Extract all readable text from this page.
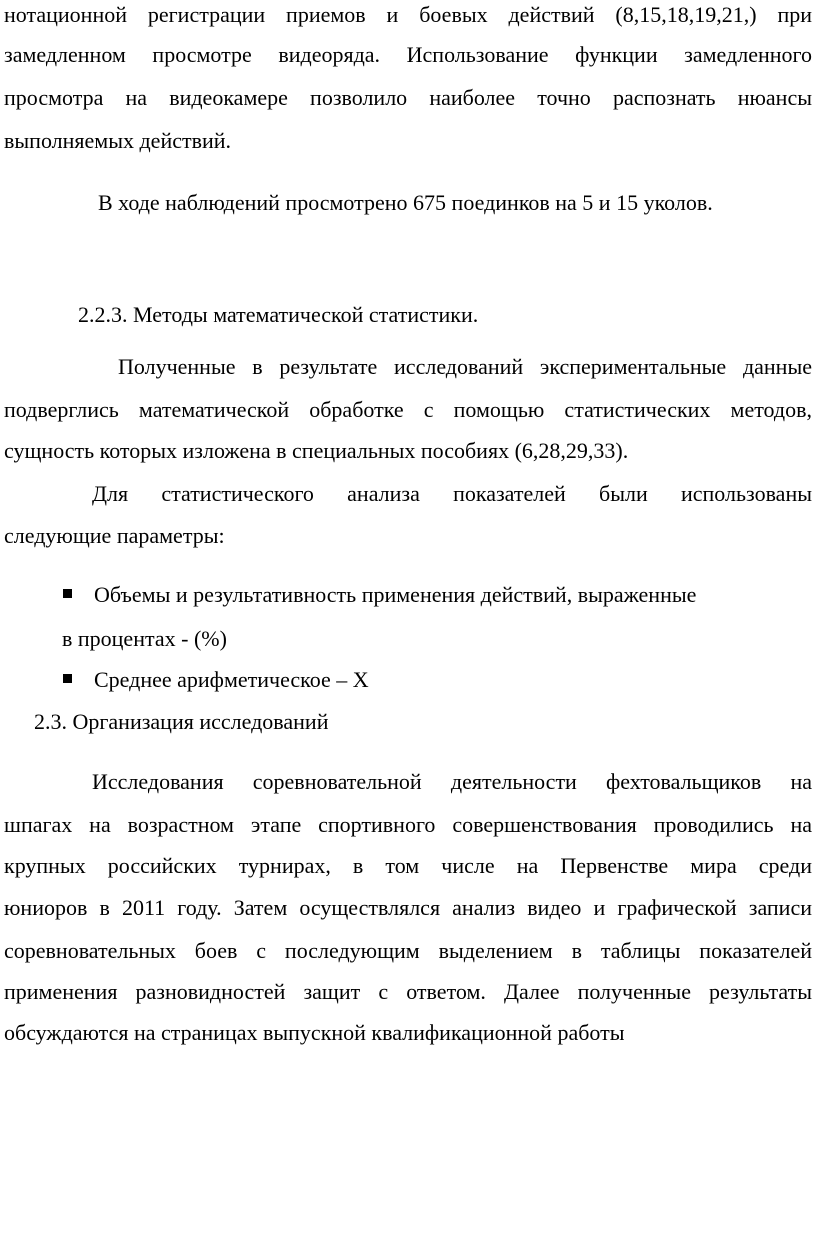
нотационной регистрации приемов и боевых действий (8,15,18,19,21,) при
замедленном просмотре видеоряда. Использование функции замедленного
просмотра на видеокамере позволило наиболее точно распознать нюансы
выполняемых действий.
В ходе наблюдений просмотрено 675 поединков на 5 и 15 уколов.
2.2.3. Методы математической статистики.
Полученные в результате исследований экспериментальные данные
подверглись математической обработке с помощью статистических методов,
сущность которых изложена в специальных пособиях (6,28,29,33).
Для статистического анализа показателей были использованы
следующие параметры:
Объемы и результативность применения действий, выраженные
в процентах - (%)
Среднее арифметическое – Х
2.3. Организация исследований
Исследования соревновательной деятельности фехтовальщиков на
шпагах на возрастном этапе спортивного совершенствования проводились на
крупных российских турнирах, в том числе на Первенстве мира среди
юниоров в 2011 году. Затем осуществлялся анализ видео и графической записи
соревновательных боев с последующим выделением в таблицы показателей
применения разновидностей защит с ответом. Далее полученные результаты
обсуждаются на страницах выпускной квалификационной работы
